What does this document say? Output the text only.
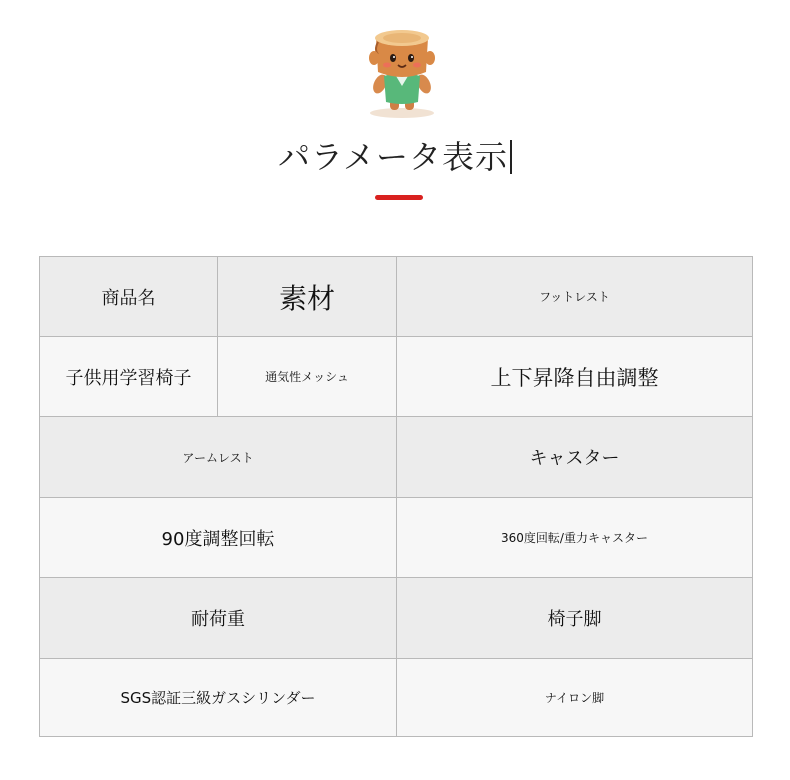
パラメータ表示
商品名	素材	フットレスト
子供用学習椅子	通気性メッシュ	上下昇降自由調整
アームレスト	キャスター
90度調整回転	360度回転/重力キャスター
耐荷重	椅子脚
SGS認証三級ガスシリンダー	ナイロン脚
